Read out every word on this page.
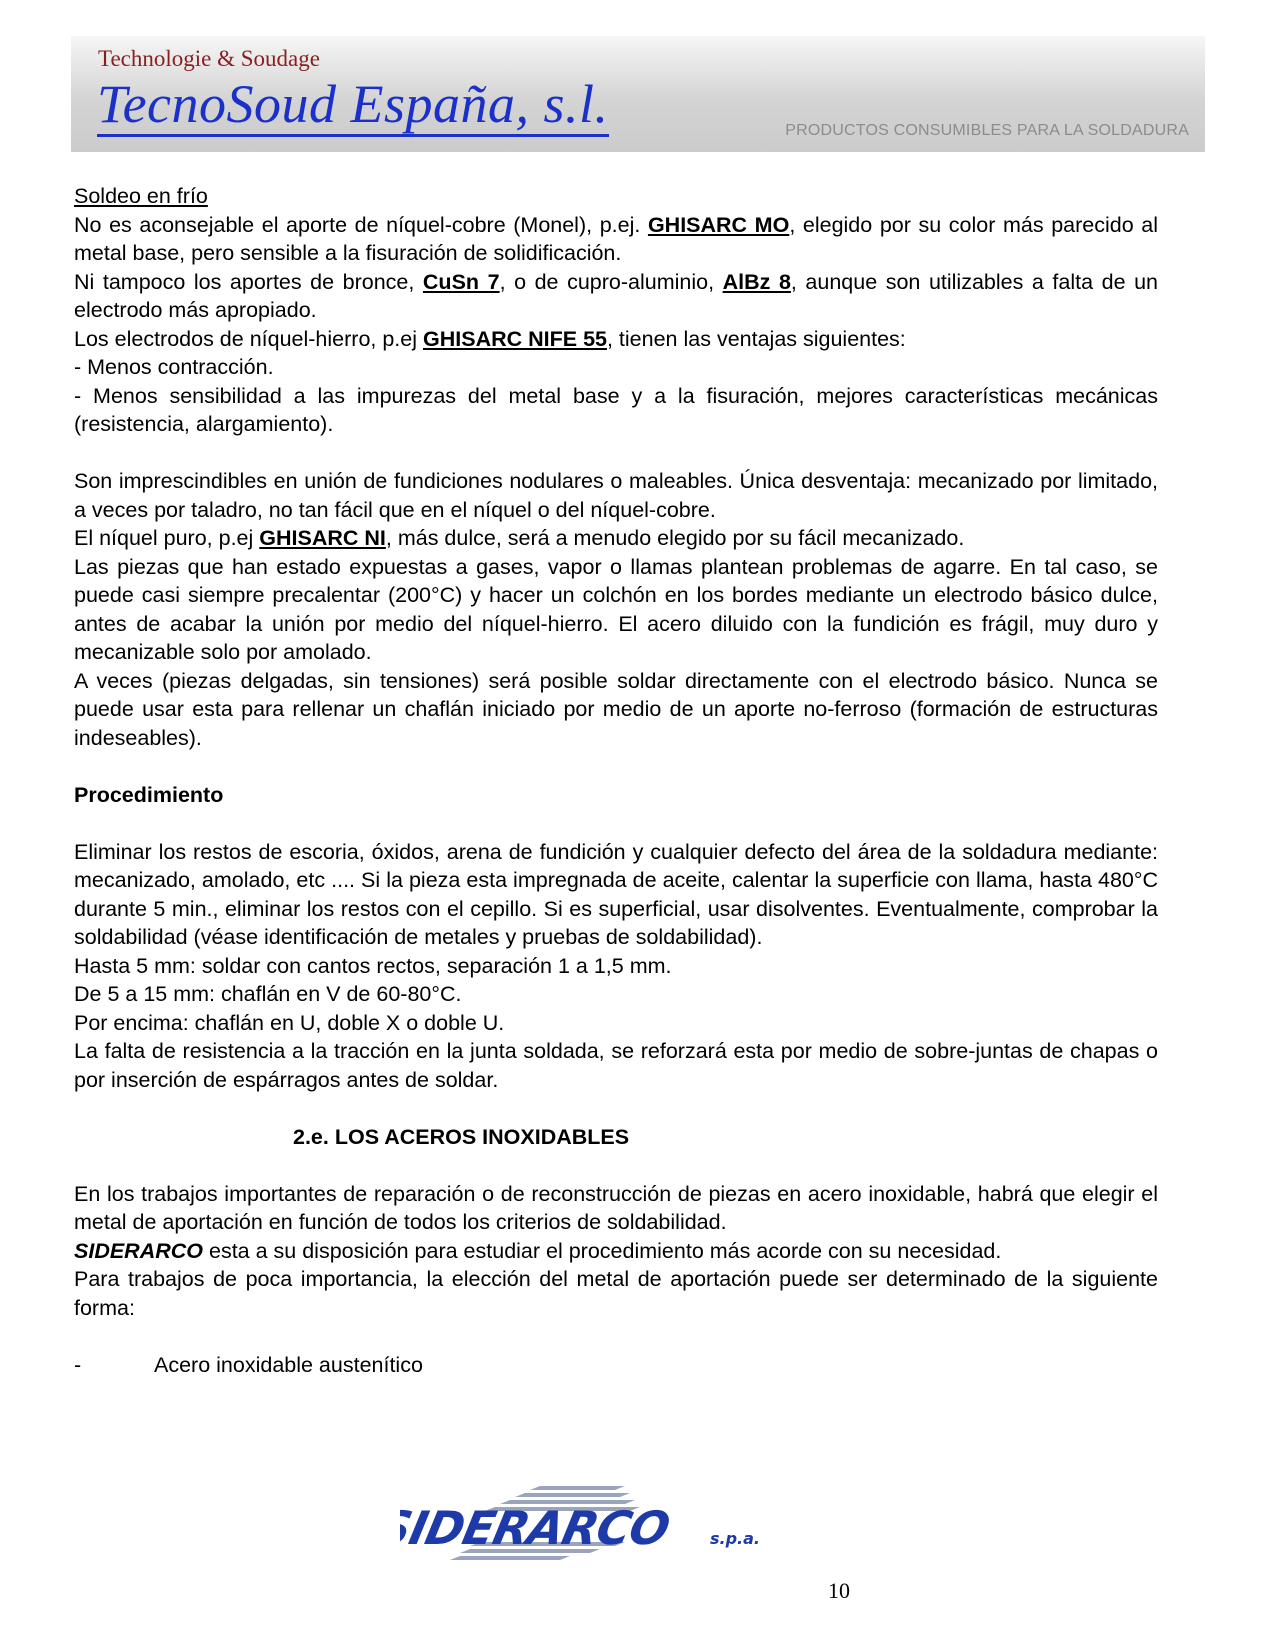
Technologie & Soudage
TecnoSoud España, s.l.	PRODUCTOS CONSUMIBLES PARA LA SOLDADURA

Soldeo en frío

No es aconsejable el aporte de níquel-cobre (Monel), p.ej. GHISARC MO, elegido por su color más parecido al metal base, pero sensible a la fisuración de solidificación.

Ni tampoco los aportes de bronce, CuSn 7, o de cupro-aluminio, AlBz 8, aunque son utilizables a falta de un electrodo más apropiado.

Los electrodos de níquel-hierro, p.ej GHISARC NIFE 55, tienen las ventajas siguientes:

- Menos contracción.

- Menos sensibilidad a las impurezas del metal base y a la fisuración, mejores características mecánicas (resistencia, alargamiento).

Son imprescindibles en unión de fundiciones nodulares o maleables. Única desventaja: mecanizado por limitado, a veces por taladro, no tan fácil que en el níquel o del níquel-cobre.

El níquel puro, p.ej GHISARC NI, más dulce, será a menudo elegido por su fácil mecanizado.

Las piezas que han estado expuestas a gases, vapor o llamas plantean problemas de agarre. En tal caso, se puede casi siempre precalentar (200°C) y hacer un colchón en los bordes mediante un electrodo básico dulce, antes de acabar la unión por medio del níquel-hierro. El acero diluido con la fundición es frágil, muy duro y mecanizable solo por amolado.

A veces (piezas delgadas, sin tensiones) será posible soldar directamente con el electrodo básico. Nunca se puede usar esta para rellenar un chaflán iniciado por medio de un aporte no-ferroso (formación de estructuras indeseables).

Procedimiento

Eliminar los restos de escoria, óxidos, arena de fundición y cualquier defecto del área de la soldadura mediante: mecanizado, amolado, etc .... Si la pieza esta impregnada de aceite, calentar la superficie con llama, hasta 480°C durante 5 min., eliminar los restos con el cepillo. Si es superficial, usar disolventes. Eventualmente, comprobar la soldabilidad (véase identificación de metales y pruebas de soldabilidad).

Hasta 5 mm: soldar con cantos rectos, separación 1 a 1,5 mm.

De 5 a 15 mm: chaflán en V de 60-80°C.

Por encima: chaflán en U, doble X o doble U.

La falta de resistencia a la tracción en la junta soldada, se reforzará esta por medio de sobre-juntas de chapas o por inserción de espárragos antes de soldar.

2.e. LOS ACEROS INOXIDABLES

En los trabajos importantes de reparación o de reconstrucción de piezas en acero inoxidable, habrá que elegir el metal de aportación en función de todos los criterios de soldabilidad.

SIDERARCO esta a su disposición para estudiar el procedimiento más acorde con su necesidad.

Para trabajos de poca importancia, la elección del metal de aportación puede ser determinado de la siguiente forma:

-	Acero inoxidable austenítico
SIDERARCO s.p.a.
10
